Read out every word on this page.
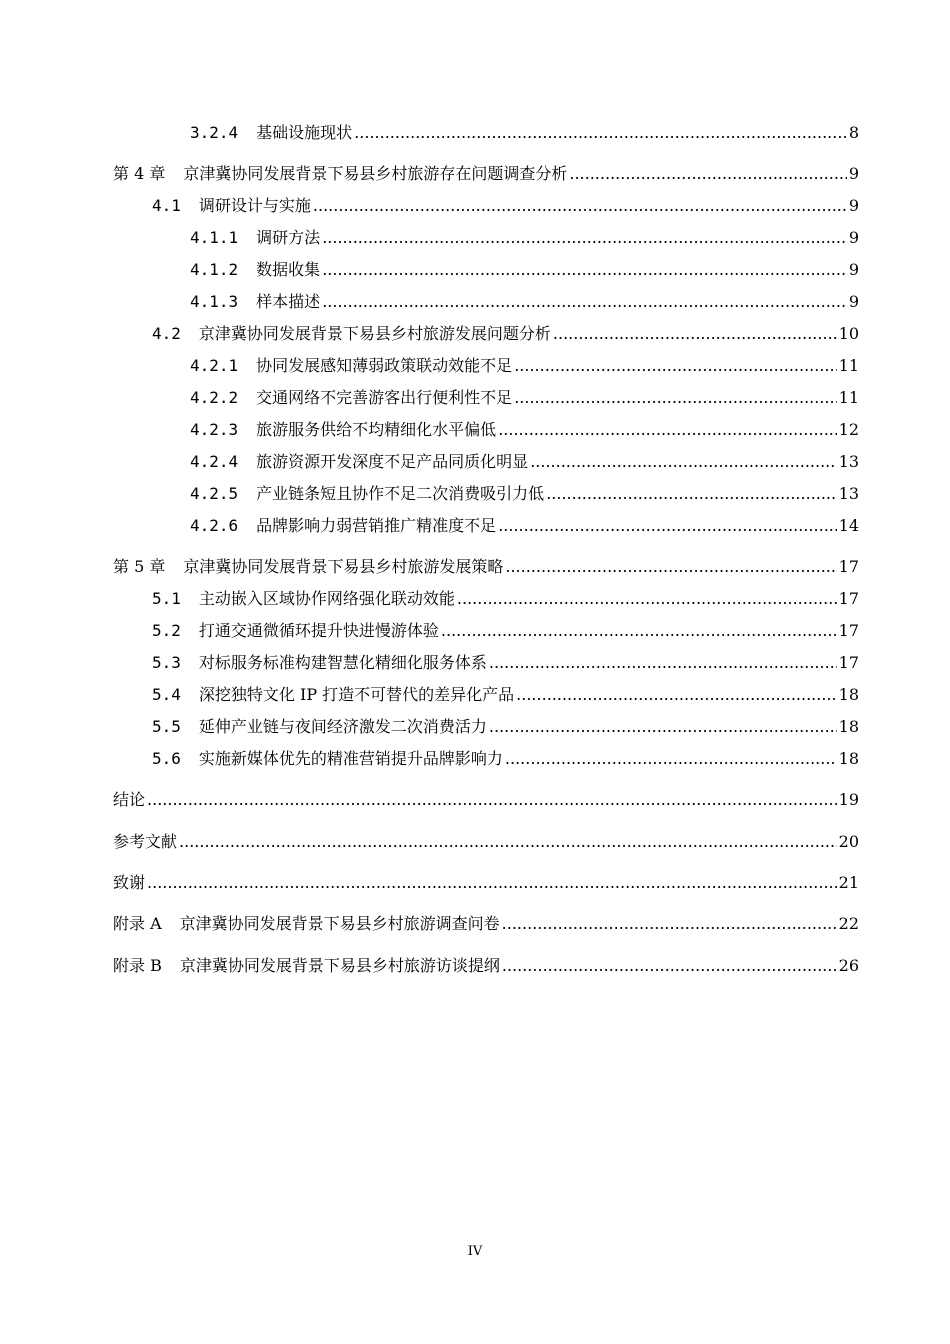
3.2.4 基础设施现状 .....	8
第 4 章 京津冀协同发展背景下易县乡村旅游存在问题调查分析 .....	9
4.1 调研设计与实施 .....	9
4.1.1 调研方法 .....	9
4.1.2 数据收集 .....	9
4.1.3 样本描述 .....	9
4.2 京津冀协同发展背景下易县乡村旅游发展问题分析 .....	10
4.2.1 协同发展感知薄弱政策联动效能不足 .....	11
4.2.2 交通网络不完善游客出行便利性不足 .....	11
4.2.3 旅游服务供给不均精细化水平偏低 .....	12
4.2.4 旅游资源开发深度不足产品同质化明显 .....	13
4.2.5 产业链条短且协作不足二次消费吸引力低 .....	13
4.2.6 品牌影响力弱营销推广精准度不足 .....	14
第 5 章 京津冀协同发展背景下易县乡村旅游发展策略 .....	17
5.1 主动嵌入区域协作网络强化联动效能 .....	17
5.2 打通交通微循环提升快进慢游体验 .....	17
5.3 对标服务标准构建智慧化精细化服务体系 .....	17
5.4 深挖独特文化 IP 打造不可替代的差异化产品 .....	18
5.5 延伸产业链与夜间经济激发二次消费活力 .....	18
5.6 实施新媒体优先的精准营销提升品牌影响力 .....	18
结论 .....	19
参考文献 .....	20
致谢 .....	21
附录 A 京津冀协同发展背景下易县乡村旅游调查问卷 .....	22
附录 B 京津冀协同发展背景下易县乡村旅游访谈提纲 .....	26
IV
